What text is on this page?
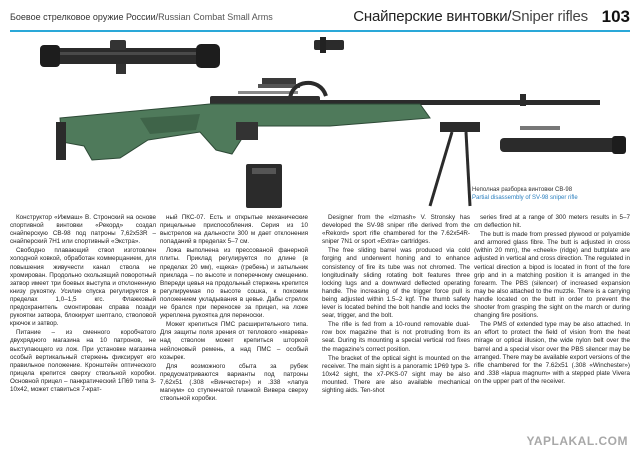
Боевое стрелковое оружие России/Russian Combat Small Arms	Снайперские винтовки/Sniper rifles 103
Неполная разборка винтовки СВ-98
Partial disassembly of SV-98 sniper rifle

Конструктор «Ижмаш» В. Стронский на основе спортивной винтовки «Рекорд» создал снайперскую СВ-98 под патроны 7,62х53R – снайперский 7Н1 или спортивный «Экстра».

Свободно плавающий ствол изготовлен холодной ковкой, обработан коммерцанием, для повышения живучести канал ствола не хромирован. Продольно скользящий поворотный затвор имеет три боевых выступа и отклоненную книзу рукоятку. Усилие спуска регулируется в пределах 1,0–1,5 кгс. Флажковый предохранитель смонтирован справа позади рукоятки затвора, блокирует шептало, стволовой крючок и затвор.

Питание – из сменного коробчатого двухрядного магазина на 10 патронов, не выступающего из лож. При установке магазина особый вертикальный стержень фиксирует его правильное положение. Кронштейн оптического прицела крепится сверху ствольной коробки. Основной прицел – панкратический 1П69 типа 3-10х42, может ставиться 7-крат-

ный ПКС-07. Есть и открытые механические прицельные приспособления. Серия из 10 выстрелов на дальности 300 м дает отклонения попаданий в пределах 5–7 см.

Ложа выполнена из прессованой фанерной плиты. Приклад регулируется по длине (в пределах 20 мм), «щека» (гребень) и затыльник приклада – по высоте и поперечному смещению. Впереди цевья на продольный стержень крепится регулируемая по высоте сошка, к похожим положением укладывания в цевье. Дабы стрелок не брался при переноске за прицел, на ложе укреплена рукоятка для переноски.

Может крепиться ПМС расширительного типа. Для защиты поля зрения от теплового «марева» над стволом может крепиться шторкой нейлоновый ремень, а над ПМС – особый козырек.

Для возможного сбыта за рубеж предусматриваются варианты под патроны 7,62х51 (.308 «Винчестер») и .338 «лапуа магнум» со ступенчатой планкой Вивера сверху ствольной коробки.

Designer from the «Izmash» V. Stronsky has developed the SV-98 sniper rifle derived from the «Rekord» sport rifle chambered for the 7.62x54R-sniper 7N1 or sport «Extra» cartridges.

The free sliding barrel was produced via cold forging and underwent honing and to enhance consistency of fire its tube was not chromed. The longitudinally sliding rotating bolt features three locking lugs and a downward deflected operating handle. The increasing of the trigger force pull is being adjusted within 1.5–2 kgf. The thumb safety lever is located behind the bolt handle and locks the sear, trigger, and the bolt.

The rifle is fed from a 10-round removable dual-row box magazine that is not protruding from its seat. During its mounting a special vertical rod fixes the magazine's correct position.

The bracket of the optical sight is mounted on the receiver. The main sight is a panoramic 1P69 type 3-10x42 sight, the x7-PKS-07 sight may be also mounted. There are also available mechanical sighting aids. Ten-shot

series fired at a range of 300 meters results in 5–7 cm deflection hit.

The butt is made from pressed plywood or polyamide and armored glass fibre. The butt is adjusted in cross (within 20 mm), the «cheek» (ridge) and buttplate are adjusted in vertical and cross direction. The regulated in vertical direction a bipod is located in front of the fore grip and in a matching position it is arranged in the forearm. The PBS (silencer) of increased expansion may be also attached to the muzzle. There is a carrying handle located on the butt in order to prevent the shooter from grasping the sight on the march or during changing fire positions.

The PMS of extended type may be also attached. In an effort to protect the field of vision from the heat mirage or optical illusion, the wide nylon belt over the barrel and a special visor over the PBS silencer may be arranged. There may be available export versions of the rifle chambered for the 7.62x51 (.308 «Winchester») and .338 «lapua magnum» with a stepped plate Vivera on the upper part of the receiver.

YAPLAKAL.COM
